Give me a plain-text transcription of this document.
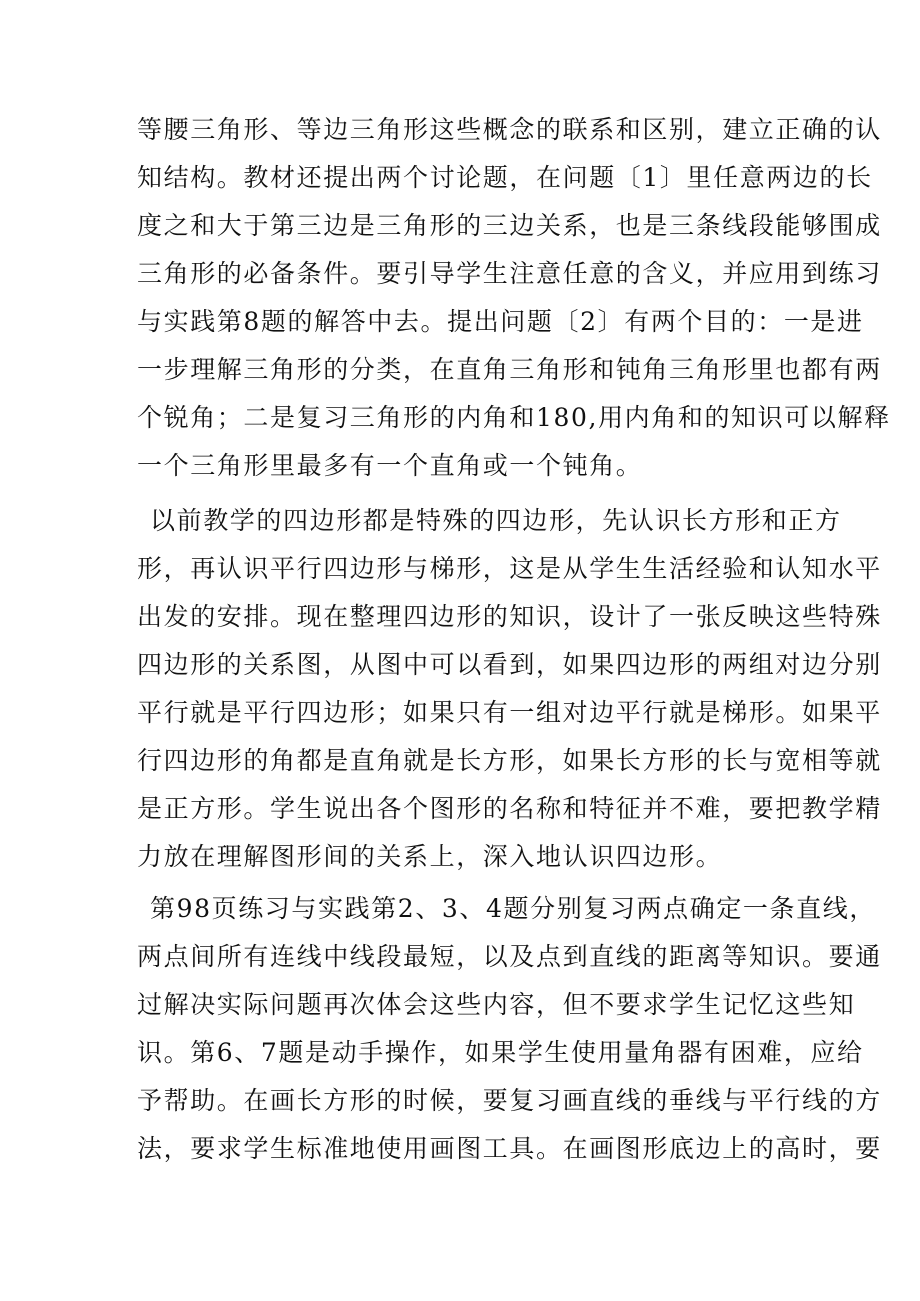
等腰三角形、等边三角形这些概念的联系和区别，建立正确的认
知结构。教材还提出两个讨论题，在问题〔1〕里任意两边的长
度之和大于第三边是三角形的三边关系，也是三条线段能够围成
三角形的必备条件。要引导学生注意任意的含义，并应用到练习
与实践第8题的解答中去。提出问题〔2〕有两个目的：一是进
一步理解三角形的分类，在直角三角形和钝角三角形里也都有两
个锐角；二是复习三角形的内角和180,用内角和的知识可以解释
一个三角形里最多有一个直角或一个钝角。
以前教学的四边形都是特殊的四边形，先认识长方形和正方
形，再认识平行四边形与梯形，这是从学生生活经验和认知水平
出发的安排。现在整理四边形的知识，设计了一张反映这些特殊
四边形的关系图，从图中可以看到，如果四边形的两组对边分别
平行就是平行四边形；如果只有一组对边平行就是梯形。如果平
行四边形的角都是直角就是长方形，如果长方形的长与宽相等就
是正方形。学生说出各个图形的名称和特征并不难，要把教学精
力放在理解图形间的关系上，深入地认识四边形。
第98页练习与实践第2、3、4题分别复习两点确定一条直线，
两点间所有连线中线段最短，以及点到直线的距离等知识。要通
过解决实际问题再次体会这些内容，但不要求学生记忆这些知
识。第6、7题是动手操作，如果学生使用量角器有困难，应给
予帮助。在画长方形的时候，要复习画直线的垂线与平行线的方
法，要求学生标准地使用画图工具。在画图形底边上的高时，要
